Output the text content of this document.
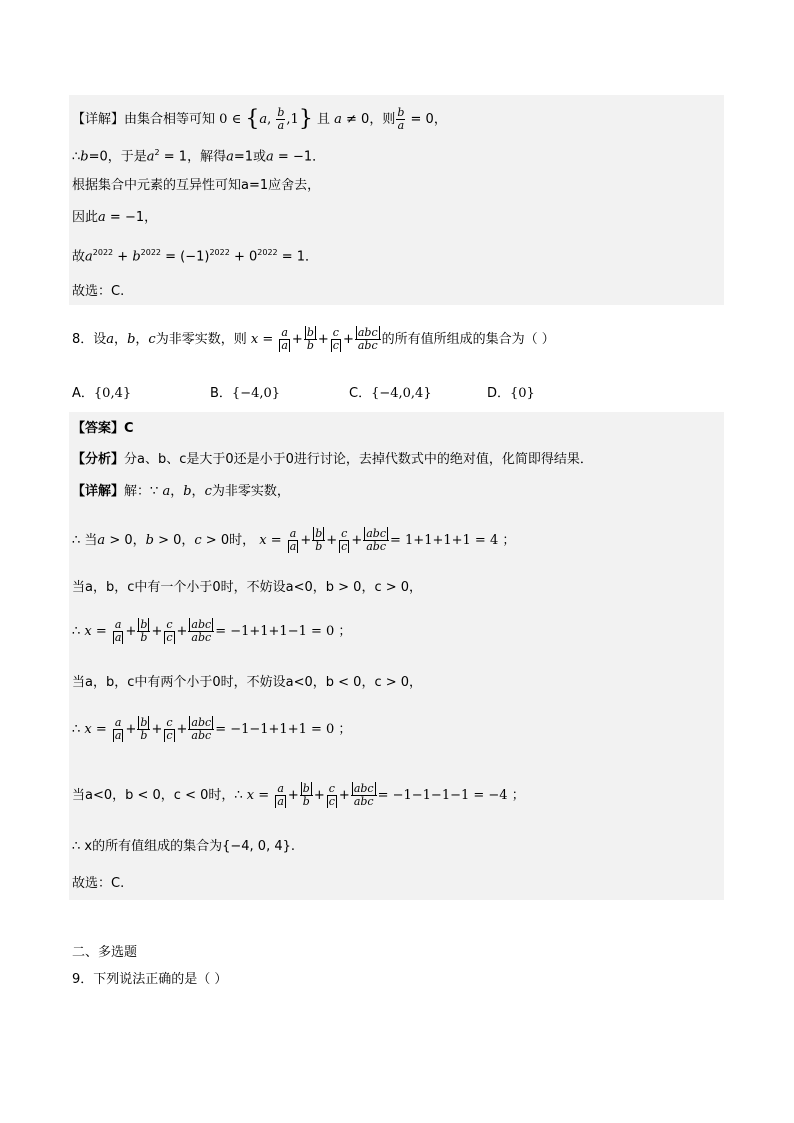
【详解】由集合相等可知 0 ∈ {a, $\frac{b}{a} ,1$} 且 a ≠ 0，则 $\frac{b}{a} = 0$，
∴b=0，于是$a^2 = 1$，解得a=1或a = −1．
根据集合中元素的互异性可知a=1应舍去，
因此a = −1，
故$a^{2022} + b^{2022} = (-1)^{2022} + 0^{2022} = 1$．
故选：C.
8．设a，b，c为非零实数，则 $x = \frac{a}{a} + \frac{b}{b} + \frac{c}{c} + \frac{\text{abc}}{\text{abc}}$ 的所有值所组成的集合为（ ）
A．{0,4}	B．{−4,0}	C．{−4,0,4}	D．{0}
【答案】C
【分析】分a、b、c是大于0还是小于0进行讨论，去掉代数式中的绝对值，化简即得结果．
【详解】解：∵ a，b，c为非零实数，
∴ 当a > 0，b > 0，c > 0时， $x = \frac{a}{a} + \frac{b}{b} + \frac{c}{c} + \frac{\text{abc}}{\text{abc}} = 1+1+1+1 = 4$ ；
当a，b，c中有一个小于0时，不妨设a<0，b > 0，c > 0，
∴ $x = \frac{a}{a} + \frac{b}{b} + \frac{c}{c} + \frac{\text{abc}}{\text{abc}} = -1+1+1-1 = 0$ ；
当a，b，c中有两个小于0时，不妨设a<0，b < 0，c > 0，
∴ $x = \frac{a}{a} + \frac{b}{b} + \frac{c}{c} + \frac{\text{abc}}{\text{abc}} = -1-1+1+1 = 0$ ；
当a<0，b < 0，c < 0时，∴ $x = \frac{a}{a} + \frac{b}{b} + \frac{c}{c} + \frac{\text{abc}}{\text{abc}} = -1-1-1-1 = -4$ ；
∴ x的所有值组成的集合为{−4, 0, 4}.
故选：C.
二、多选题
9．下列说法正确的是（ ）
